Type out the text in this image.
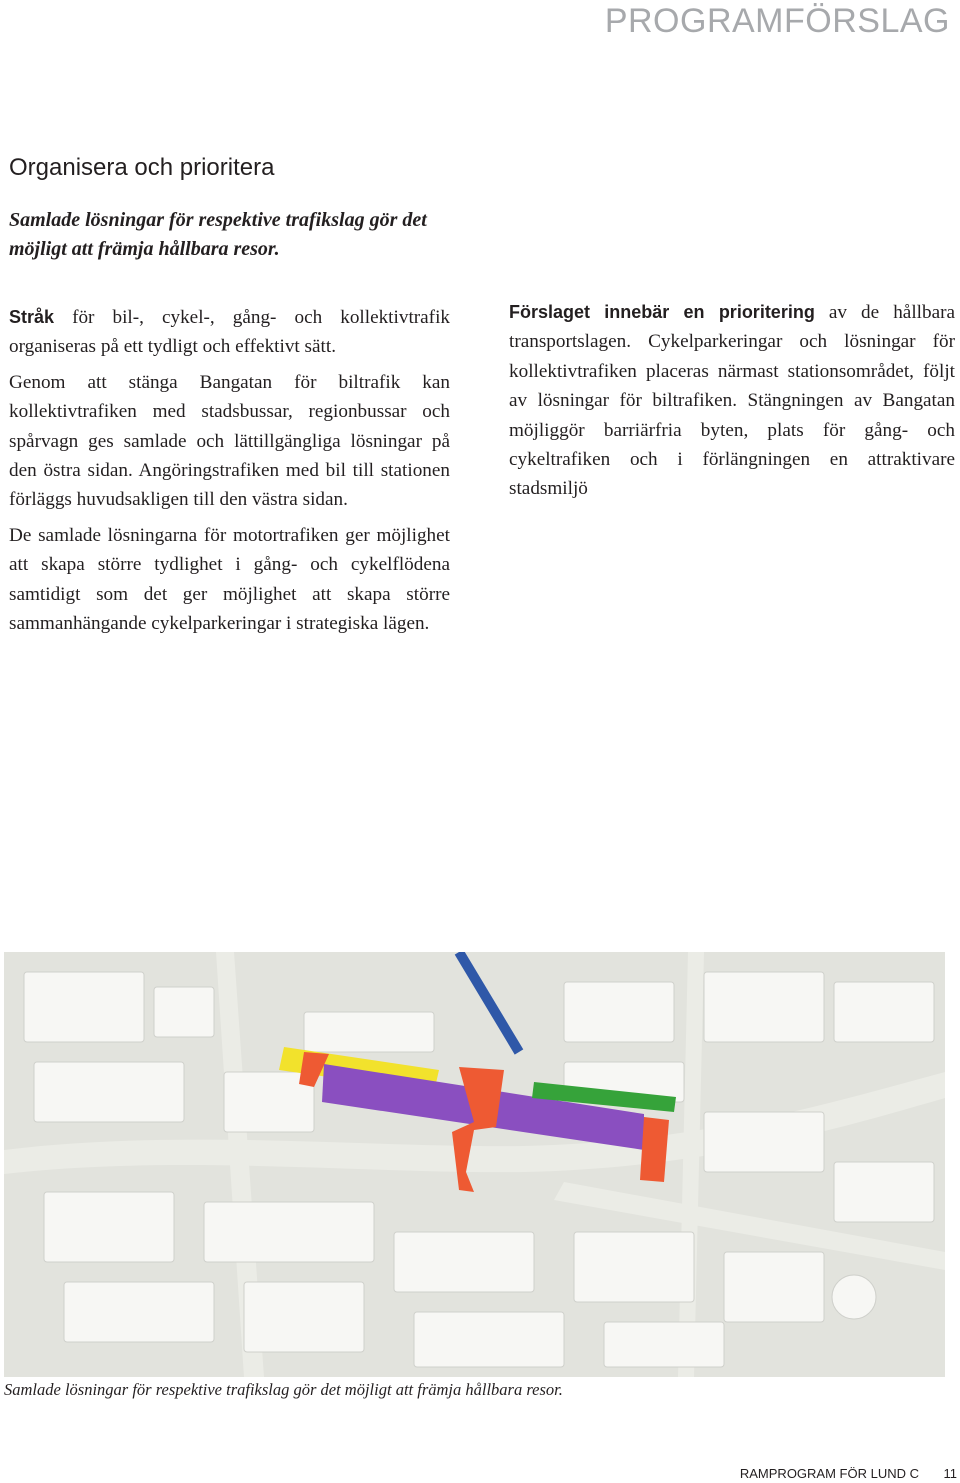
PROGRAMFÖRSLAG
Organisera och prioritera

Samlade lösningar för respektive trafikslag gör det möjligt att främja hållbara resor.

Stråk för bil-, cykel-, gång- och kollektivtrafik organiseras på ett tydligt och effektivt sätt.

Genom att stänga Bangatan för biltrafik kan kollektivtrafiken med stadsbussar, regionbussar och spårvagn ges samlade och lättillgängliga lösningar på den östra sidan. Angöringstrafiken med bil till stationen förläggs huvudsakligen till den västra sidan.

De samlade lösningarna för motortrafiken ger möjlighet att skapa större tydlighet i gång- och cykelflödena samtidigt som det ger möjlighet att skapa större sammanhängande cykelparkeringar i strategiska lägen.

Förslaget innebär en prioritering av de hållbara transportslagen. Cykelparkeringar och lösningar för kollektivtrafiken placeras närmast stationsområdet, följt av lösningar för biltrafiken. Stängningen av Bangatan möjliggör barriärfria byten, plats för gång- och cykeltrafiken och i förlängningen en attraktivare stadsmiljö

Samlade lösningar för respektive trafikslag gör det möjligt att främja hållbara resor.

RAMPROGRAM FÖR LUND C 11
